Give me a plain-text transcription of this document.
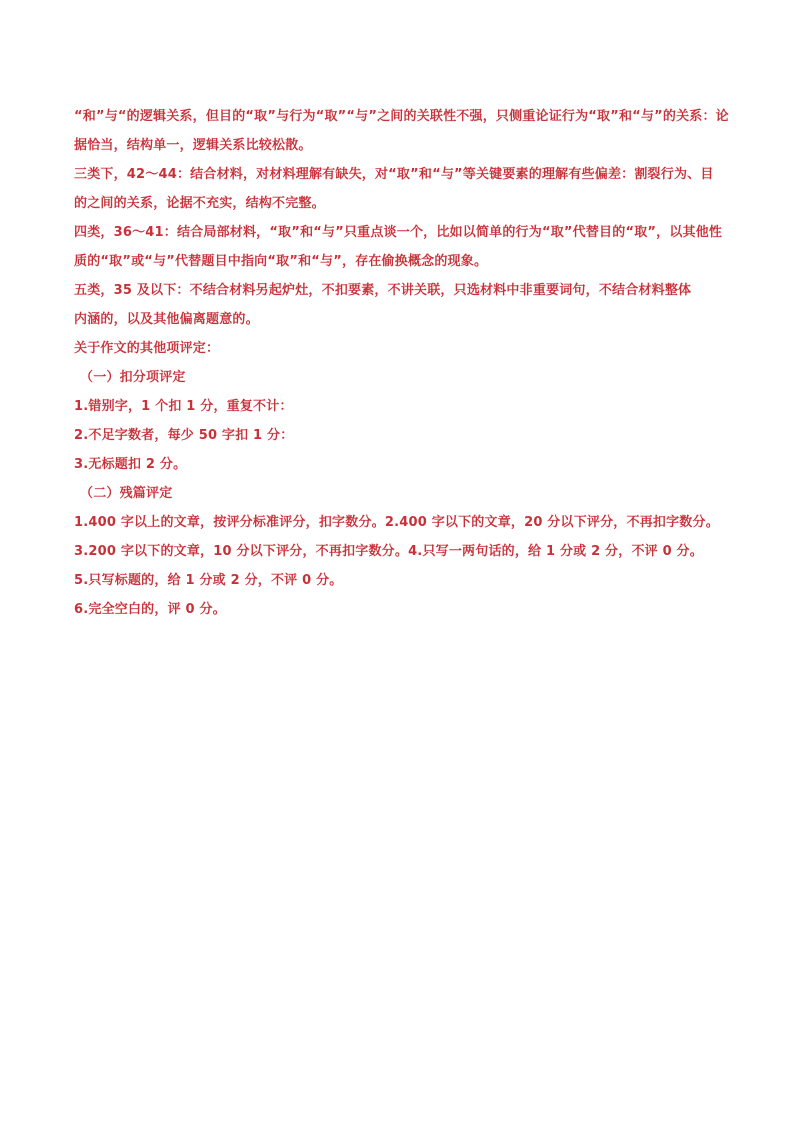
“和”与“的逻辑关系，但目的“取”与行为“取”“与”之间的关联性不强，只侧重论证行为“取”和“与”的关系：论
据恰当，结构单一，逻辑关系比较松散。
三类下，42～44：结合材料，对材料理解有缺失，对“取”和“与”等关键要素的理解有些偏差：割裂行为、目
的之间的关系，论据不充实，结构不完整。
四类，36～41：结合局部材料，“取”和“与”只重点谈一个，比如以简单的行为“取”代替目的“取”，以其他性
质的“取”或“与”代替题目中指向“取”和“与”，存在偷换概念的现象。
五类，35 及以下：不结合材料另起炉灶，不扣要素，不讲关联，只选材料中非重要词句，不结合材料整体
内涵的，以及其他偏离题意的。
关于作文的其他项评定：
（一）扣分项评定
1.错别字，1 个扣 1 分，重复不计：
2.不足字数者，每少 50 字扣 1 分：
3.无标题扣 2 分。
（二）残篇评定
1.400 字以上的文章，按评分标准评分，扣字数分。2.400 字以下的文章，20 分以下评分，不再扣字数分。
3.200 字以下的文章，10 分以下评分，不再扣字数分。4.只写一两句话的，给 1 分或 2 分，不评 0 分。
5.只写标题的，给 1 分或 2 分，不评 0 分。
6.完全空白的，评 0 分。
